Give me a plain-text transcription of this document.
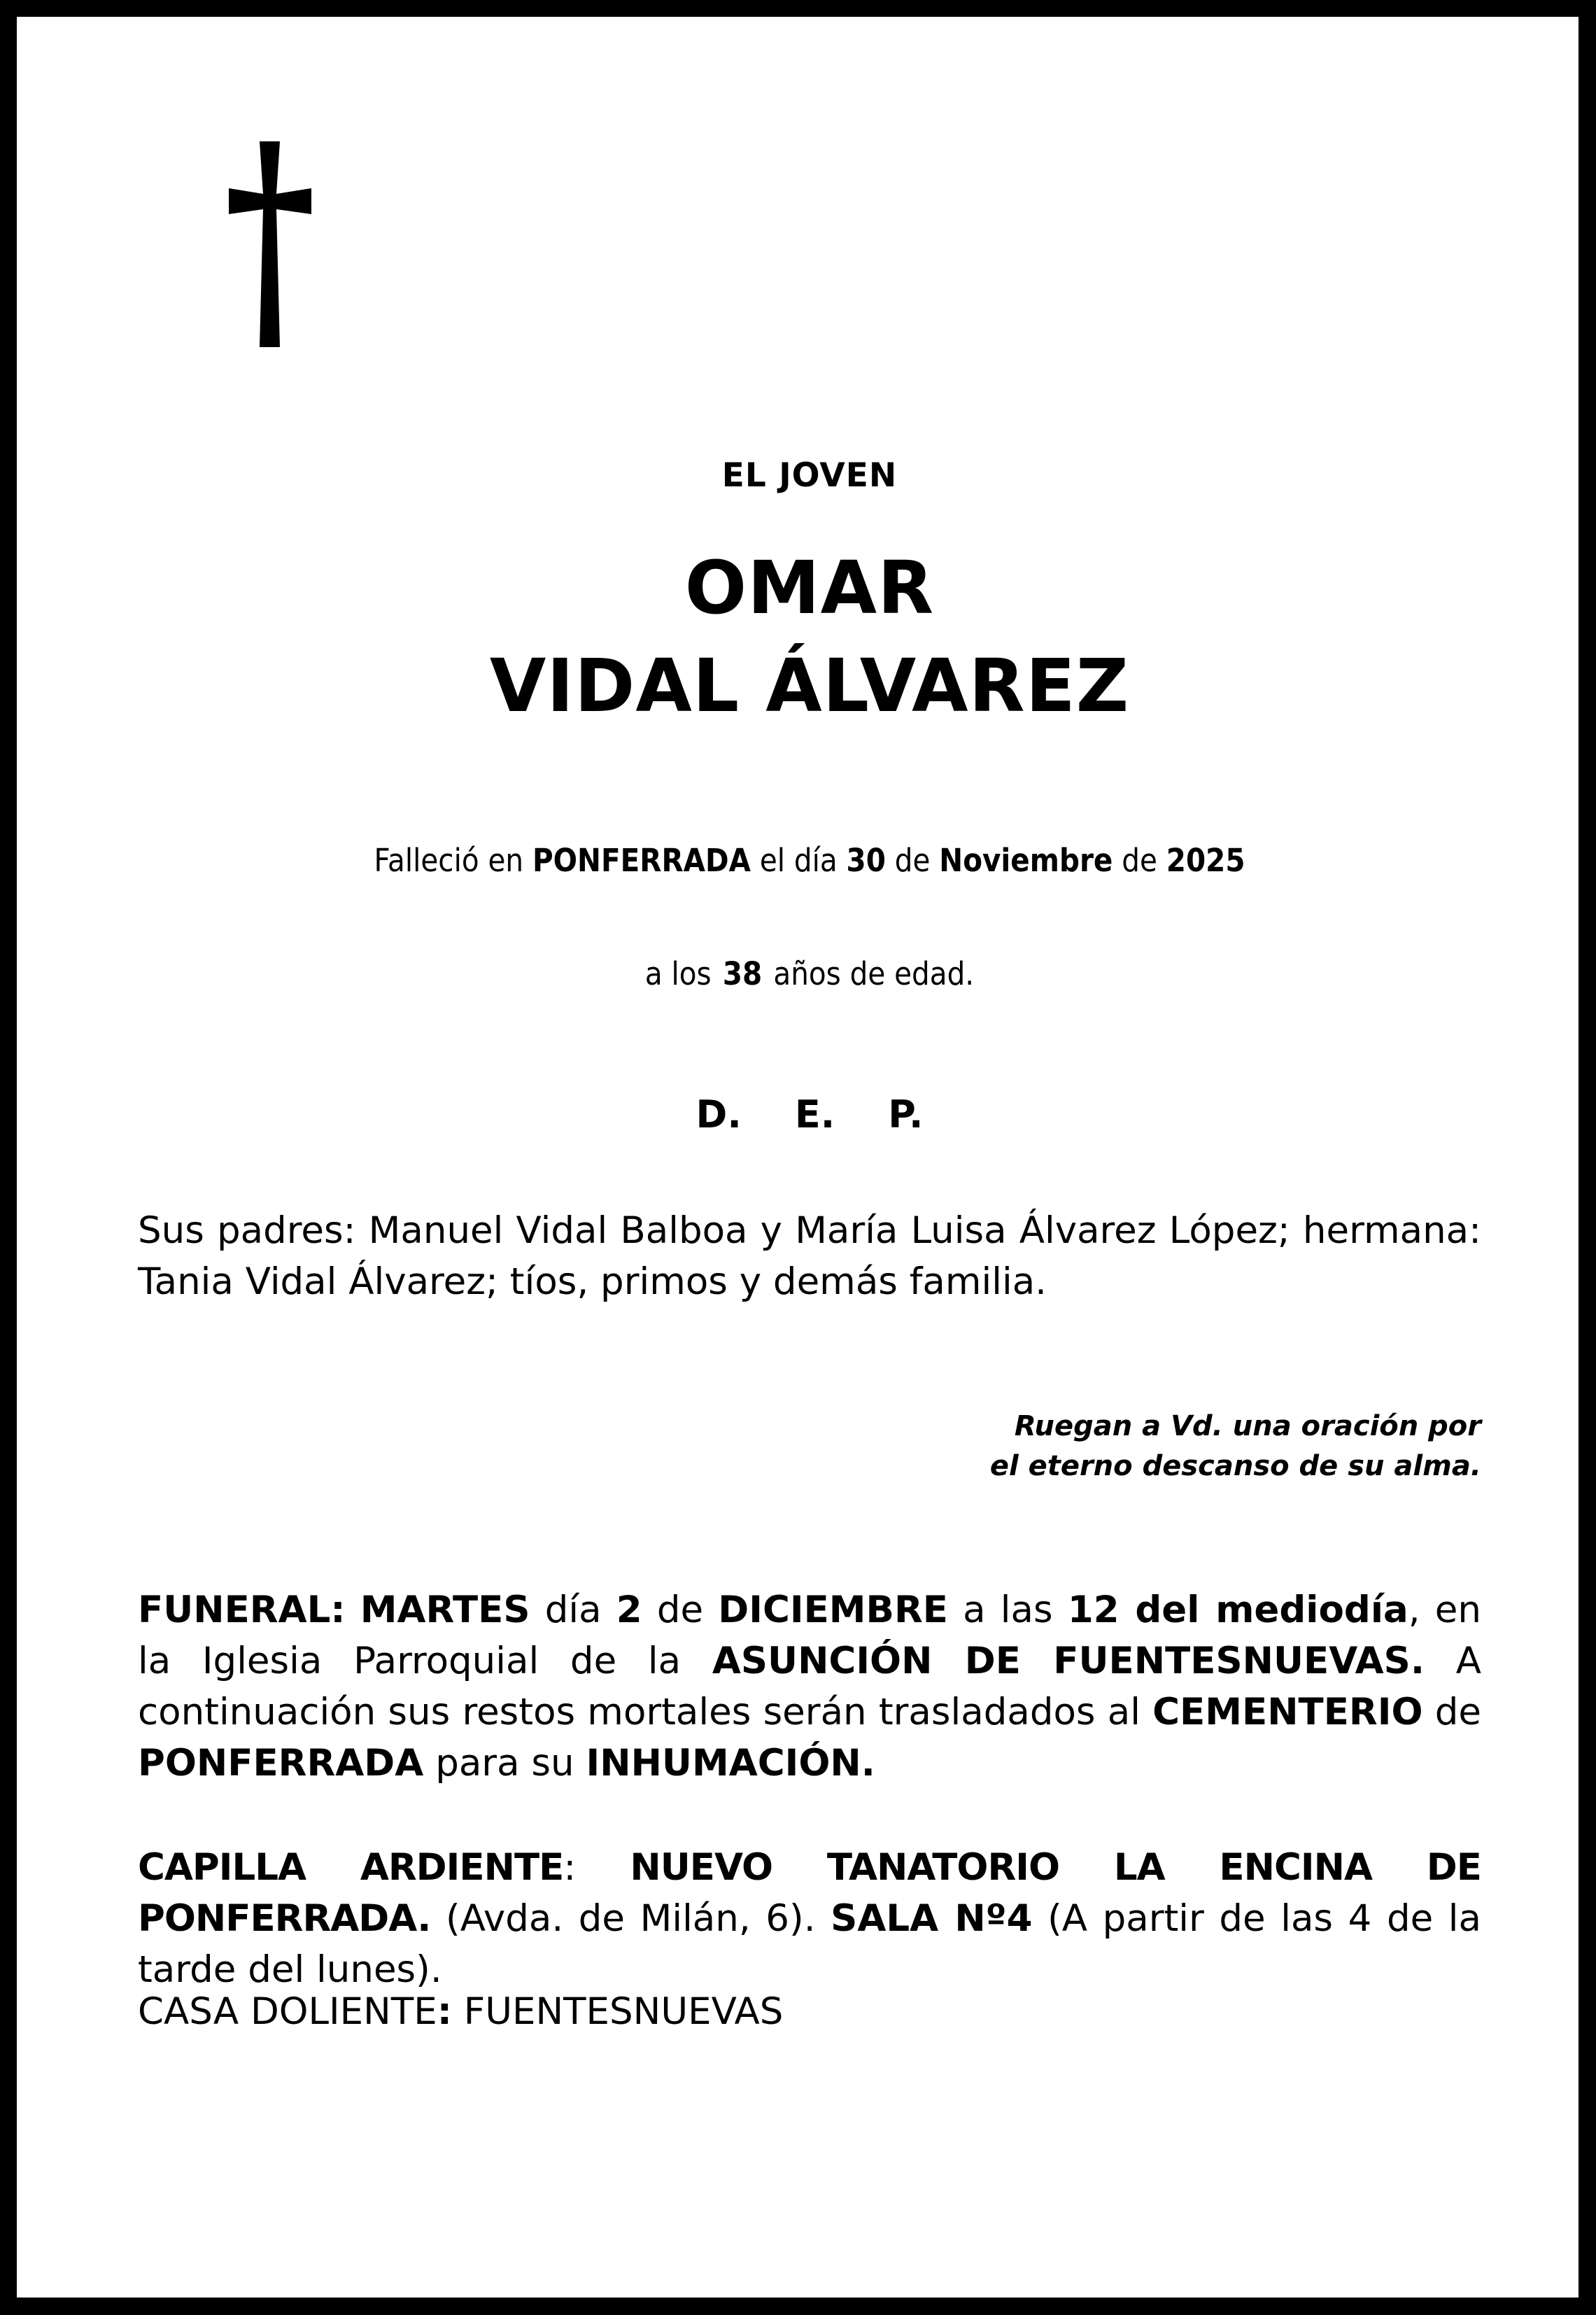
EL JOVEN
OMAR
VIDAL ÁLVAREZ
Falleció en PONFERRADA el día 30 de Noviembre de 2025
a los 38 años de edad.
D. E. P.
Sus padres: Manuel Vidal Balboa y María Luisa Álvarez López; hermana: Tania Vidal Álvarez; tíos, primos y demás familia.
Ruegan a Vd. una oración por
el eterno descanso de su alma.
FUNERAL: MARTES día 2 de DICIEMBRE a las 12 del mediodía, en la Iglesia Parroquial de la ASUNCIÓN DE FUENTESNUEVAS. A continuación sus restos mortales serán trasladados al CEMENTERIO de PONFERRADA para su INHUMACIÓN.
CAPILLA ARDIENTE: NUEVO TANATORIO LA ENCINA DE PONFERRADA. (Avda. de Milán, 6). SALA Nº4 (A partir de las 4 de la tarde del lunes).
CASA DOLIENTE: FUENTESNUEVAS
